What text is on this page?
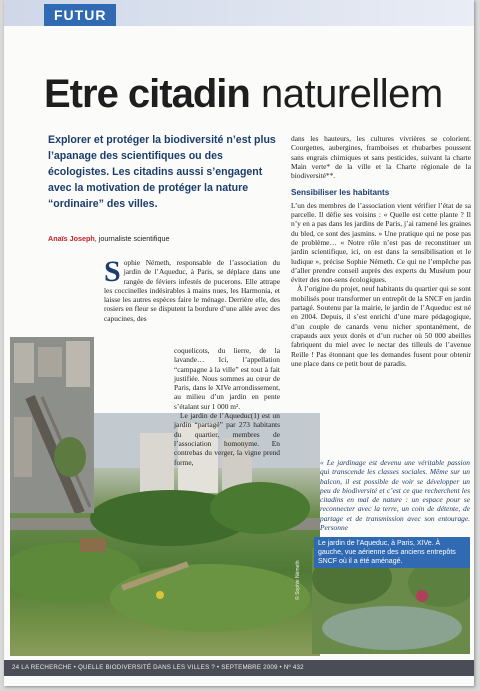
FUTUR
Etre citadin naturellem
Explorer et protéger la biodiversité n’est plus l’apanage des scientifiques ou des écologistes. Les citadins aussi s’engagent avec la motivation de protéger la nature “ordinaire” des villes.
Anaïs Joseph, journaliste scientifique
Le jardin de l’Aqueduc, à Paris, XIVe. À gauche, vue aérienne des anciens entrepôts SNCF où il a été aménagé.
© Sophie Németh
Sophie Németh, responsable de l’association du jardin de l’Aqueduc, à Paris, se déplace dans une rangée de féviers infestés de pucerons. Elle attrape les coccinelles indésirables à mains nues, les Harmonia, et laisse les autres espèces faire le ménage. Derrière elle, des rosiers en fleur se disputent la bordure d’une allée avec des capucines, des

coquelicots, du lierre, de la lavande… Ici, l’appellation “campagne à la ville” est tout à fait justifiée. Nous sommes au cœur de Paris, dans le XIVe arrondissement, au milieu d’un jardin en pente s’étalant sur 1 000 m².

Le jardin de l’Aqueduc(1) est un jardin “partagé” par 273 habitants du quartier, membres de l’association homonyme. En contrebas du verger, la vigne prend forme,

dans les hauteurs, les cultures vivrières se colorient. Courgettes, aubergines, framboises et rhubarbes poussent sans engrais chimiques et sans pesticides, suivant la charte Main verte* de la ville et la Charte régionale de la biodiversité**.

Sensibiliser les habitants

L’un des membres de l’association vient vérifier l’état de sa parcelle. Il défie ses voisins : « Quelle est cette plante ? Il n’y en a pas dans les jardins de Paris, j’ai ramené les graines du bled, ce sont des jasmins. » Une pratique qui ne pose pas de problème… « Notre rôle n’est pas de reconstituer un jardin scientifique, ici, on est dans la sensibilisation et le ludique », précise Sophie Németh. Ce qui ne l’empêche pas d’aller prendre conseil auprès des experts du Muséum pour éviter des non-sens écologiques.

À l’origine du projet, neuf habitants du quartier qui se sont mobilisés pour transformer un entrepôt de la SNCF en jardin partagé. Soutenu par la mairie, le jardin de l’Aqueduc est né en 2004. Depuis, il s’est enrichi d’une mare pédagogique, d’un couple de canards venu nicher spontanément, de crapauds aux yeux dorés et d’un rucher où 50 000 abeilles fabriquent du miel avec le nectar des tilleuls de l’avenue Reille ! Pas étonnant que les demandes fusent pour obtenir une place dans ce petit bout de paradis.

« Le jardinage est devenu une véritable passion qui transcende les classes sociales. Même sur un balcon, il est possible de voir se développer un peu de biodiversité et c’est ce que recherchent les citadins en mal de nature : un espace pour se reconnecter avec la terre, un coin de détente, de partage et de transmission avec son entourage. Personne
24 LA RECHERCHE • QUELLE BIODIVERSITÉ DANS LES VILLES ? • SEPTEMBRE 2009 • Nº 432
